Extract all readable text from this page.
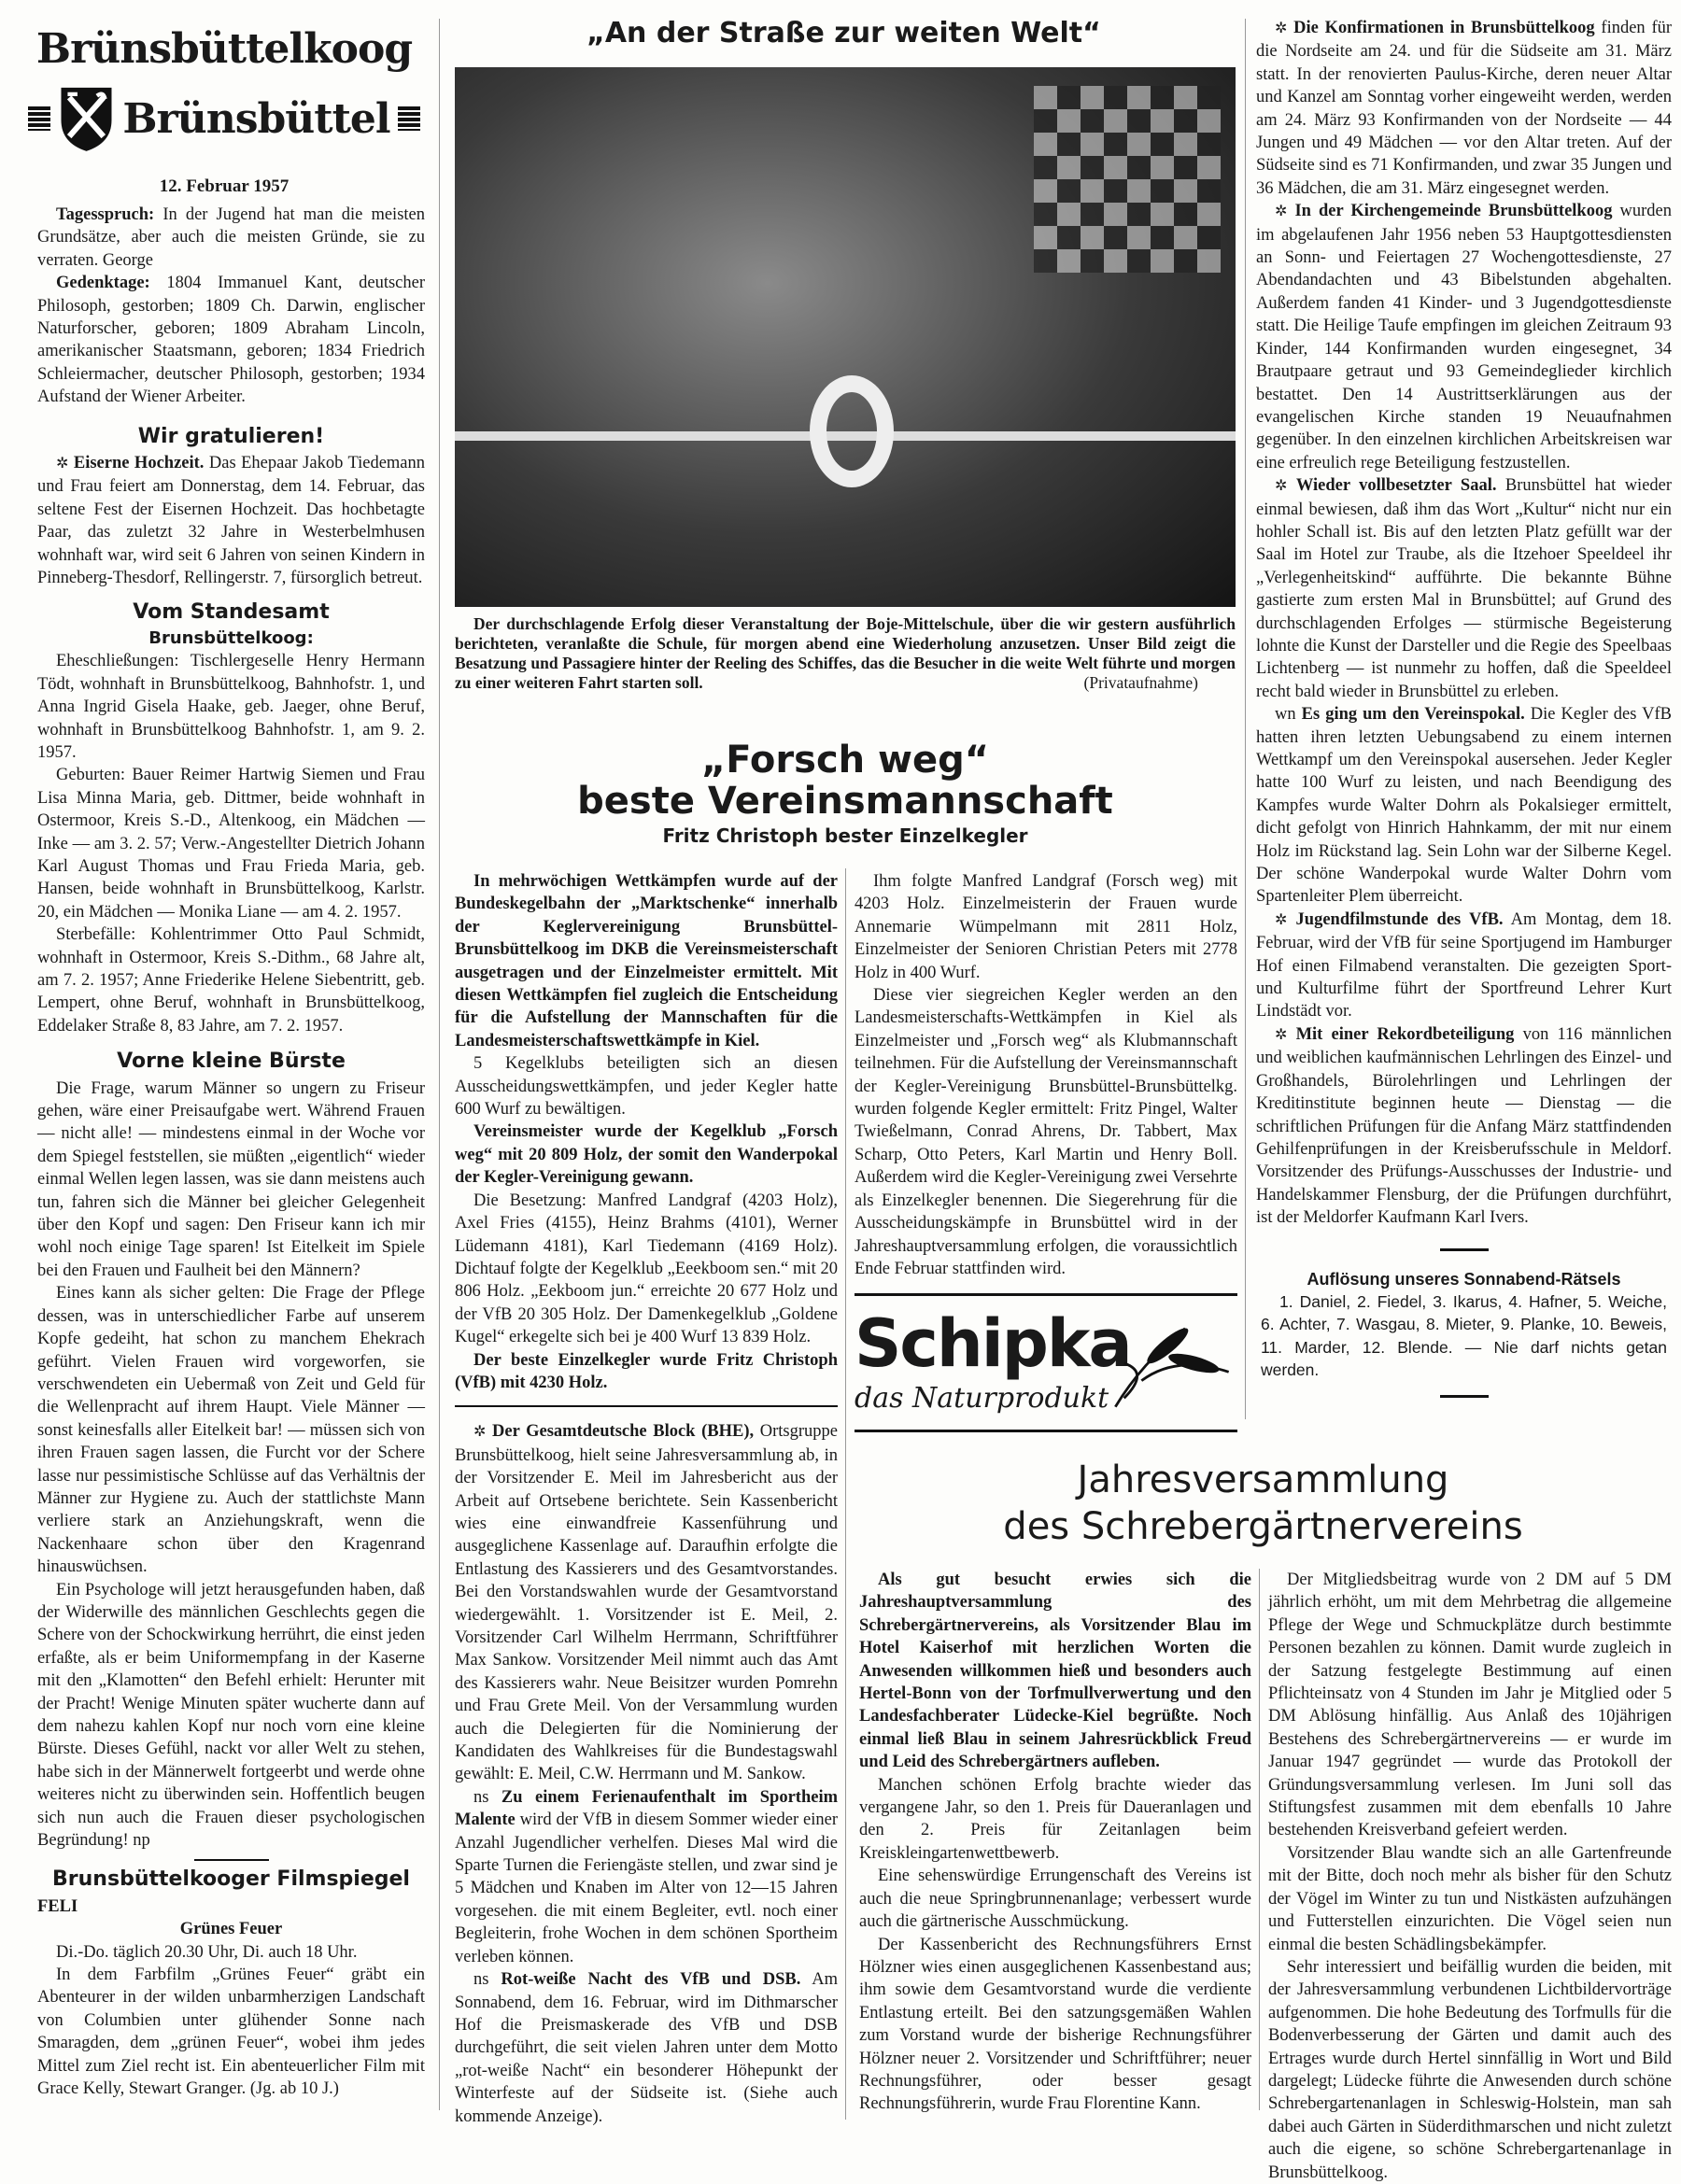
Brünsbüttelkoog
Brünsbüttel
12. Februar 1957

Tagesspruch: In der Jugend hat man die meisten Grundsätze, aber auch die meisten Gründe, sie zu verraten. George

Gedenktage: 1804 Immanuel Kant, deutscher Philosoph, gestorben; 1809 Ch. Darwin, englischer Naturforscher, geboren; 1809 Abraham Lincoln, amerikanischer Staatsmann, geboren; 1834 Friedrich Schleiermacher, deutscher Philosoph, gestorben; 1934 Aufstand der Wiener Arbeiter.

Wir gratulieren!

✲ Eiserne Hochzeit. Das Ehepaar Jakob Tiedemann und Frau feiert am Donnerstag, dem 14. Februar, das seltene Fest der Eisernen Hochzeit. Das hochbetagte Paar, das zuletzt 32 Jahre in Westerbelmhusen wohnhaft war, wird seit 6 Jahren von seinen Kindern in Pinneberg-Thesdorf, Rellingerstr. 7, fürsorglich betreut.

Vom Standesamt
Brunsbüttelkoog:

Eheschließungen: Tischlergeselle Henry Hermann Tödt, wohnhaft in Brunsbüttelkoog, Bahnhofstr. 1, und Anna Ingrid Gisela Haake, geb. Jaeger, ohne Beruf, wohnhaft in Brunsbüttelkoog Bahnhofstr. 1, am 9. 2. 1957.

Geburten: Bauer Reimer Hartwig Siemen und Frau Lisa Minna Maria, geb. Dittmer, beide wohnhaft in Ostermoor, Kreis S.-D., Altenkoog, ein Mädchen — Inke — am 3. 2. 57; Verw.-Angestellter Dietrich Johann Karl August Thomas und Frau Frieda Maria, geb. Hansen, beide wohnhaft in Brunsbüttelkoog, Karlstr. 20, ein Mädchen — Monika Liane — am 4. 2. 1957.

Sterbefälle: Kohlentrimmer Otto Paul Schmidt, wohnhaft in Ostermoor, Kreis S.-Dithm., 68 Jahre alt, am 7. 2. 1957; Anne Friederike Helene Siebentritt, geb. Lempert, ohne Beruf, wohnhaft in Brunsbüttelkoog, Eddelaker Straße 8, 83 Jahre, am 7. 2. 1957.

Vorne kleine Bürste

Die Frage, warum Männer so ungern zu Friseur gehen, wäre einer Preisaufgabe wert. Während Frauen — nicht alle! — mindestens einmal in der Woche vor dem Spiegel feststellen, sie müßten „eigentlich“ wieder einmal Wellen legen lassen, was sie dann meistens auch tun, fahren sich die Männer bei gleicher Gelegenheit über den Kopf und sagen: Den Friseur kann ich mir wohl noch einige Tage sparen! Ist Eitelkeit im Spiele bei den Frauen und Faulheit bei den Männern?

Eines kann als sicher gelten: Die Frage der Pflege dessen, was in unterschiedlicher Farbe auf unserem Kopfe gedeiht, hat schon zu manchem Ehekrach geführt. Vielen Frauen wird vorgeworfen, sie verschwendeten ein Uebermaß von Zeit und Geld für die Wellenpracht auf ihrem Haupt. Viele Männer — sonst keinesfalls aller Eitelkeit bar! — müssen sich von ihren Frauen sagen lassen, die Furcht vor der Schere lasse nur pessimistische Schlüsse auf das Verhältnis der Männer zur Hygiene zu. Auch der stattlichste Mann verliere stark an Anziehungskraft, wenn die Nackenhaare schon über den Kragenrand hinauswüchsen.

Ein Psychologe will jetzt herausgefunden haben, daß der Widerwille des männlichen Geschlechts gegen die Schere von der Schockwirkung herrührt, die einst jeden erfaßte, als er beim Uniformempfang in der Kaserne mit den „Klamotten“ den Befehl erhielt: Herunter mit der Pracht! Wenige Minuten später wucherte dann auf dem nahezu kahlen Kopf nur noch vorn eine kleine Bürste. Dieses Gefühl, nackt vor aller Welt zu stehen, habe sich in der Männerwelt fortgeerbt und werde ohne weiteres nicht zu überwinden sein. Hoffentlich beugen sich nun auch die Frauen dieser psychologischen Begründung! np

Brunsbüttelkooger Filmspiegel

FELI

Grünes Feuer

Di.-Do. täglich 20.30 Uhr, Di. auch 18 Uhr.

In dem Farbfilm „Grünes Feuer“ gräbt ein Abenteurer in der wilden unbarmherzigen Landschaft von Columbien unter glühender Sonne nach Smaragden, dem „grünen Feuer“, wobei ihm jedes Mittel zum Ziel recht ist. Ein abenteuerlicher Film mit Grace Kelly, Stewart Granger. (Jg. ab 10 J.)

„An der Straße zur weiten Welt“

Der durchschlagende Erfolg dieser Veranstaltung der Boje-Mittelschule, über die wir gestern ausführlich berichteten, veranlaßte die Schule, für morgen abend eine Wiederholung anzusetzen. Unser Bild zeigt die Besatzung und Passagiere hinter der Reeling des Schiffes, das die Besucher in die weite Welt führte und morgen zu einer weiteren Fahrt starten soll.	(Privataufnahme)

„Forsch weg“
beste Vereinsmannschaft
Fritz Christoph bester Einzelkegler

In mehrwöchigen Wettkämpfen wurde auf der Bundeskegelbahn der „Marktschenke“ innerhalb der Keglervereinigung Brunsbüttel-Brunsbüttelkoog im DKB die Vereinsmeisterschaft ausgetragen und der Einzelmeister ermittelt. Mit diesen Wettkämpfen fiel zugleich die Entscheidung für die Aufstellung der Mannschaften für die Landesmeisterschaftswettkämpfe in Kiel.

5 Kegelklubs beteiligten sich an diesen Ausscheidungswettkämpfen, und jeder Kegler hatte 600 Wurf zu bewältigen.

Vereinsmeister wurde der Kegelklub „Forsch weg“ mit 20 809 Holz, der somit den Wanderpokal der Kegler-Vereinigung gewann.

Die Besetzung: Manfred Landgraf (4203 Holz), Axel Fries (4155), Heinz Brahms (4101), Werner Lüdemann 4181), Karl Tiedemann (4169 Holz). Dichtauf folgte der Kegelklub „Eeekboom sen.“ mit 20 806 Holz. „Eekboom jun.“ erreichte 20 677 Holz und der VfB 20 305 Holz. Der Damenkegelklub „Goldene Kugel“ erkegelte sich bei je 400 Wurf 13 839 Holz.

Der beste Einzelkegler wurde Fritz Christoph (VfB) mit 4230 Holz.

✲ Der Gesamtdeutsche Block (BHE), Ortsgruppe Brunsbüttelkoog, hielt seine Jahresversammlung ab, in der Vorsitzender E. Meil im Jahresbericht aus der Arbeit auf Ortsebene berichtete. Sein Kassenbericht wies eine einwandfreie Kassenführung und ausgeglichene Kassenlage auf. Daraufhin erfolgte die Entlastung des Kassierers und des Gesamtvorstandes. Bei den Vorstandswahlen wurde der Gesamtvorstand wiedergewählt. 1. Vorsitzender ist E. Meil, 2. Vorsitzender Carl Wilhelm Herrmann, Schriftführer Max Sankow. Vorsitzender Meil nimmt auch das Amt des Kassierers wahr. Neue Beisitzer wurden Pomrehn und Frau Grete Meil. Von der Versammlung wurden auch die Delegierten für die Nominierung der Kandidaten des Wahlkreises für die Bundestagswahl gewählt: E. Meil, C.W. Herrmann und M. Sankow.

ns Zu einem Ferienaufenthalt im Sportheim Malente wird der VfB in diesem Sommer wieder einer Anzahl Jugendlicher verhelfen. Dieses Mal wird die Sparte Turnen die Feriengäste stellen, und zwar sind je 5 Mädchen und Knaben im Alter von 12—15 Jahren vorgesehen. die mit einem Begleiter, evtl. noch einer Begleiterin, frohe Wochen in dem schönen Sportheim verleben können.

ns Rot-weiße Nacht des VfB und DSB. Am Sonnabend, dem 16. Februar, wird im Dithmarscher Hof die Preismaskerade des VfB und DSB durchgeführt, die seit vielen Jahren unter dem Motto „rot-weiße Nacht“ ein besonderer Höhepunkt der Winterfeste auf der Südseite ist. (Siehe auch kommende Anzeige).

Ihm folgte Manfred Landgraf (Forsch weg) mit 4203 Holz. Einzelmeisterin der Frauen wurde Annemarie Wümpelmann mit 2811 Holz, Einzelmeister der Senioren Christian Peters mit 2778 Holz in 400 Wurf.

Diese vier siegreichen Kegler werden an den Landesmeisterschafts-Wettkämpfen in Kiel als Einzelmeister und „Forsch weg“ als Klubmannschaft teilnehmen. Für die Aufstellung der Vereinsmannschaft der Kegler-Vereinigung Brunsbüttel-Brunsbüttelkg. wurden folgende Kegler ermittelt: Fritz Pingel, Walter Twießelmann, Conrad Ahrens, Dr. Tabbert, Max Scharp, Otto Peters, Karl Martin und Henry Boll. Außerdem wird die Kegler-Vereinigung zwei Versehrte als Einzelkegler benennen. Die Siegerehrung für die Ausscheidungskämpfe in Brunsbüttel wird in der Jahreshauptversammlung erfolgen, die voraussichtlich Ende Februar stattfinden wird.

Schipka
das Naturprodukt

✲ Die Konfirmationen in Brunsbüttelkoog finden für die Nordseite am 24. und für die Südseite am 31. März statt. In der renovierten Paulus-Kirche, deren neuer Altar und Kanzel am Sonntag vorher eingeweiht werden, werden am 24. März 93 Konfirmanden von der Nordseite — 44 Jungen und 49 Mädchen — vor den Altar treten. Auf der Südseite sind es 71 Konfirmanden, und zwar 35 Jungen und 36 Mädchen, die am 31. März eingesegnet werden.

✲ In der Kirchengemeinde Brunsbüttelkoog wurden im abgelaufenen Jahr 1956 neben 53 Hauptgottesdiensten an Sonn- und Feiertagen 27 Wochengottesdienste, 27 Abendandachten und 43 Bibelstunden abgehalten. Außerdem fanden 41 Kinder- und 3 Jugendgottesdienste statt. Die Heilige Taufe empfingen im gleichen Zeitraum 93 Kinder, 144 Konfirmanden wurden eingesegnet, 34 Brautpaare getraut und 93 Gemeindeglieder kirchlich bestattet. Den 14 Austrittserklärungen aus der evangelischen Kirche standen 19 Neuaufnahmen gegenüber. In den einzelnen kirchlichen Arbeitskreisen war eine erfreulich rege Beteiligung festzustellen.

✲ Wieder vollbesetzter Saal. Brunsbüttel hat wieder einmal bewiesen, daß ihm das Wort „Kultur“ nicht nur ein hohler Schall ist. Bis auf den letzten Platz gefüllt war der Saal im Hotel zur Traube, als die Itzehoer Speeldeel ihr „Verlegenheitskind“ aufführte. Die bekannte Bühne gastierte zum ersten Mal in Brunsbüttel; auf Grund des durchschlagenden Erfolges — stürmische Begeisterung lohnte die Kunst der Darsteller und die Regie des Speelbaas Lichtenberg — ist nunmehr zu hoffen, daß die Speeldeel recht bald wieder in Brunsbüttel zu erleben.

wn Es ging um den Vereinspokal. Die Kegler des VfB hatten ihren letzten Uebungsabend zu einem internen Wettkampf um den Vereinspokal ausersehen. Jeder Kegler hatte 100 Wurf zu leisten, und nach Beendigung des Kampfes wurde Walter Dohrn als Pokalsieger ermittelt, dicht gefolgt von Hinrich Hahnkamm, der mit nur einem Holz im Rückstand lag. Sein Lohn war der Silberne Kegel. Der schöne Wanderpokal wurde Walter Dohrn vom Spartenleiter Plem überreicht.

✲ Jugendfilmstunde des VfB. Am Montag, dem 18. Februar, wird der VfB für seine Sportjugend im Hamburger Hof einen Filmabend veranstalten. Die gezeigten Sport- und Kulturfilme führt der Sportfreund Lehrer Kurt Lindstädt vor.

✲ Mit einer Rekordbeteiligung von 116 männlichen und weiblichen kaufmännischen Lehrlingen des Einzel- und Großhandels, Bürolehrlingen und Lehrlingen der Kreditinstitute beginnen heute — Dienstag — die schriftlichen Prüfungen für die Anfang März stattfindenden Gehilfenprüfungen in der Kreisberufsschule in Meldorf. Vorsitzender des Prüfungs-Ausschusses der Industrie- und Handelskammer Flensburg, der die Prüfungen durchführt, ist der Meldorfer Kaufmann Karl Ivers.

Auflösung unseres Sonnabend-Rätsels

1. Daniel, 2. Fiedel, 3. Ikarus, 4. Hafner, 5. Weiche, 6. Achter, 7. Wasgau, 8. Mieter, 9. Planke, 10. Beweis, 11. Marder, 12. Blende. — Nie darf nichts getan werden.

Jahresversammlung
des Schrebergärtnervereins

Als gut besucht erwies sich die Jahreshauptversammlung des Schrebergärtnervereins, als Vorsitzender Blau im Hotel Kaiserhof mit herzlichen Worten die Anwesenden willkommen hieß und besonders auch Hertel-Bonn von der Torfmullverwertung und den Landesfachberater Lüdecke-Kiel begrüßte. Noch einmal ließ Blau in seinem Jahresrückblick Freud und Leid des Schrebergärtners aufleben.

Manchen schönen Erfolg brachte wieder das vergangene Jahr, so den 1. Preis für Daueranlagen und den 2. Preis für Zeitanlagen beim Kreiskleingartenwettbewerb.

Eine sehenswürdige Errungenschaft des Vereins ist auch die neue Springbrunnenanlage; verbessert wurde auch die gärtnerische Ausschmückung.

Der Kassenbericht des Rechnungsführers Ernst Hölzner wies einen ausgeglichenen Kassenbestand aus; ihm sowie dem Gesamtvorstand wurde die verdiente Entlastung erteilt. Bei den satzungsgemäßen Wahlen zum Vorstand wurde der bisherige Rechnungsführer Hölzner neuer 2. Vorsitzender und Schriftführer; neuer Rechnungsführer, oder besser gesagt Rechnungsführerin, wurde Frau Florentine Kann.

Der Mitgliedsbeitrag wurde von 2 DM auf 5 DM jährlich erhöht, um mit dem Mehrbetrag die allgemeine Pflege der Wege und Schmuckplätze durch bestimmte Personen bezahlen zu können. Damit wurde zugleich in der Satzung festgelegte Bestimmung auf einen Pflichteinsatz von 4 Stunden im Jahr je Mitglied oder 5 DM Ablösung hinfällig. Aus Anlaß des 10jährigen Bestehens des Schrebergärtnervereins — er wurde im Januar 1947 gegründet — wurde das Protokoll der Gründungsversammlung verlesen. Im Juni soll das Stiftungsfest zusammen mit dem ebenfalls 10 Jahre bestehenden Kreisverband gefeiert werden.

Vorsitzender Blau wandte sich an alle Gartenfreunde mit der Bitte, doch noch mehr als bisher für den Schutz der Vögel im Winter zu tun und Nistkästen aufzuhängen und Futterstellen einzurichten. Die Vögel seien nun einmal die besten Schädlingsbekämpfer.

Sehr interessiert und beifällig wurden die beiden, mit der Jahresversammlung verbundenen Lichtbildervorträge aufgenommen. Die hohe Bedeutung des Torfmulls für die Bodenverbesserung der Gärten und damit auch des Ertrages wurde durch Hertel sinnfällig in Wort und Bild dargelegt; Lüdecke führte die Anwesenden durch schöne Schrebergartenanlagen in Schleswig-Holstein, man sah dabei auch Gärten in Süderdithmarschen und nicht zuletzt auch die eigene, so schöne Schrebergartenanlage in Brunsbüttelkoog.
